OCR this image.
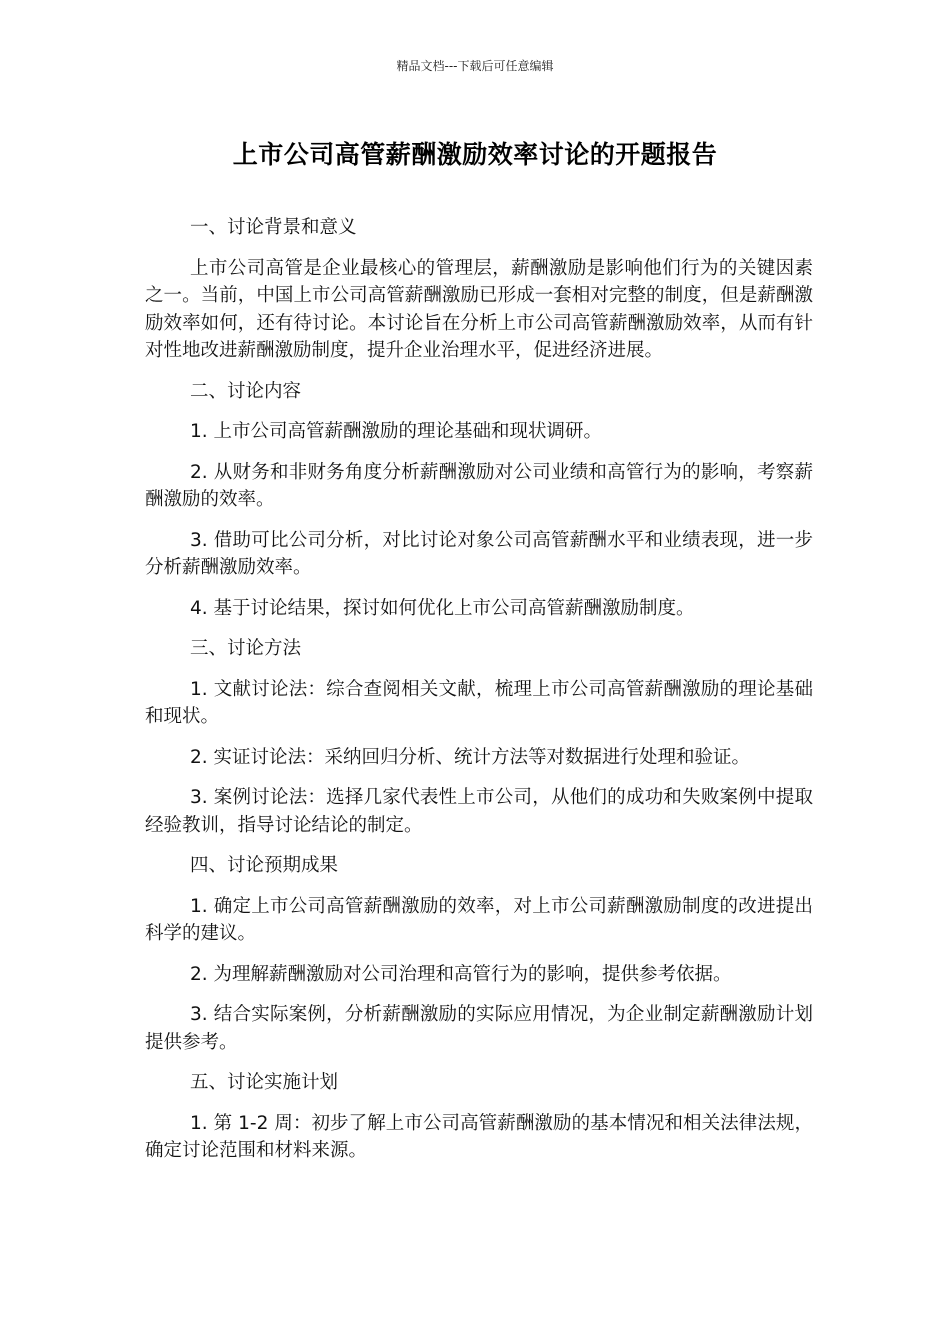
精品文档---下载后可任意编辑
上市公司高管薪酬激励效率讨论的开题报告

一、讨论背景和意义

上市公司高管是企业最核心的管理层，薪酬激励是影响他们行为的关键因素之一。当前，中国上市公司高管薪酬激励已形成一套相对完整的制度，但是薪酬激励效率如何，还有待讨论。本讨论旨在分析上市公司高管薪酬激励效率，从而有针对性地改进薪酬激励制度，提升企业治理水平，促进经济进展。

二、讨论内容

1. 上市公司高管薪酬激励的理论基础和现状调研。

2. 从财务和非财务角度分析薪酬激励对公司业绩和高管行为的影响，考察薪酬激励的效率。

3. 借助可比公司分析，对比讨论对象公司高管薪酬水平和业绩表现，进一步分析薪酬激励效率。

4. 基于讨论结果，探讨如何优化上市公司高管薪酬激励制度。

三、讨论方法

1. 文献讨论法：综合查阅相关文献，梳理上市公司高管薪酬激励的理论基础和现状。

2. 实证讨论法：采纳回归分析、统计方法等对数据进行处理和验证。

3. 案例讨论法：选择几家代表性上市公司，从他们的成功和失败案例中提取经验教训，指导讨论结论的制定。

四、讨论预期成果

1. 确定上市公司高管薪酬激励的效率，对上市公司薪酬激励制度的改进提出科学的建议。

2. 为理解薪酬激励对公司治理和高管行为的影响，提供参考依据。

3. 结合实际案例，分析薪酬激励的实际应用情况，为企业制定薪酬激励计划提供参考。

五、讨论实施计划

1. 第 1-2 周：初步了解上市公司高管薪酬激励的基本情况和相关法律法规，确定讨论范围和材料来源。
